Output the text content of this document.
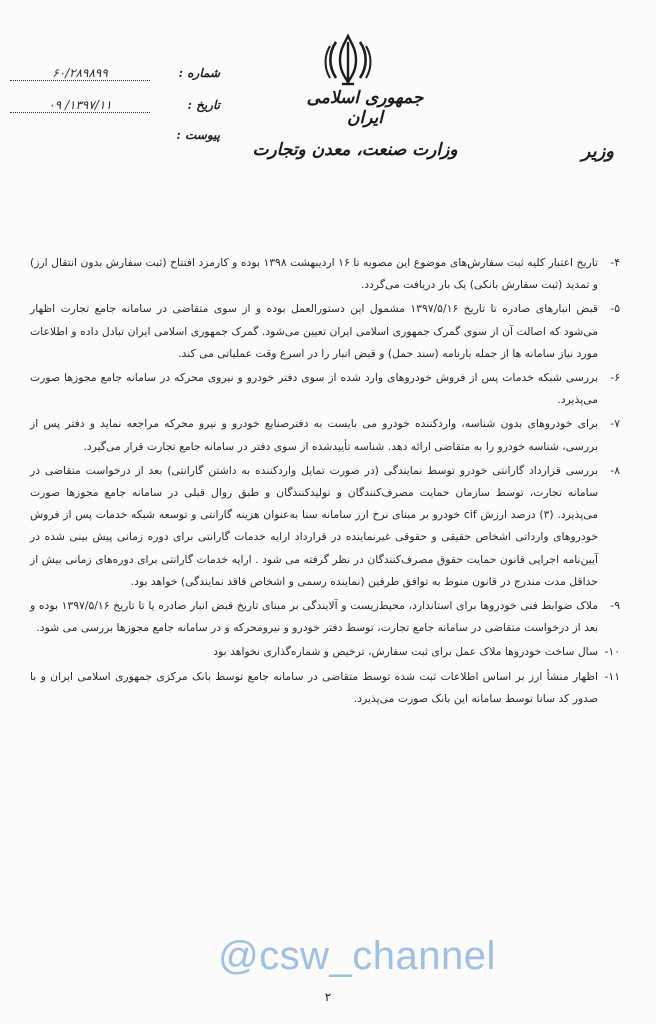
جمهوری اسلامی ایران
وزارت صنعت، معدن وتجارت	وزیر
شماره :
۶۰/۲۸۹۸۹۹
تاریخ :
۱۳۹۷/۱۱/ ۰۹
پیوست :
۴-
تاریخ اعتبار کلیه ثبت سفارش‌های موضوع این مصوبه تا ۱۶ اردیبهشت ۱۳۹۸ بوده و کارمزد افتتاح (ثبت سفارش بدون انتقال ارز) و تمدید (ثبت سفارش بانکی) یک بار دریافت می‌گردد.
۵-
قبض انبارهای صادره تا تاریخ ۱۳۹۷/۵/۱۶ مشمول این دستورالعمل بوده و از سوی متقاضی در سامانه جامع تجارت اظهار می‌شود که اصالت آن از سوی گمرک جمهوری اسلامی ایران تعیین می‌شود. گمرک جمهوری اسلامی ایران تبادل داده و اطلاعات مورد نیاز سامانه ها از جمله بارنامه (سند حمل) و قبض انبار را در اسرع وقت عملیاتی می کند.
۶-
بررسی شبکه خدمات پس از فروش خودروهای وارد شده از سوی دفتر خودرو و نیروی محرکه در سامانه جامع مجوزها صورت می‌پذیرد.
۷-
برای خودروهای بدون شناسه، واردکننده خودرو می بایست به دفترصنایع خودرو و نیرو محرکه مراجعه نماید و دفتر پس از بررسی، شناسه خودرو را به متقاضی ارائه دهد. شناسه تأییدشده از سوی دفتر در سامانه جامع تجارت قرار می‌گیرد.
۸-
بررسی قرارداد گارانتی خودرو توسط نمایندگی (در صورت تمایل واردکننده به داشتن گارانتی) بعد از درخواست متقاضی در سامانه تجارت، توسط سازمان حمایت مصرف‌کنندگان و تولیدکنندگان و طبق روال قبلی در سامانه جامع مجوزها صورت می‌پذیرد. (۳) درصد ارزش cif خودرو بر مبنای نرخ ارز سامانه سنا به‌عنوان هزینه گارانتی و توسعه شبکه خدمات پس از فروش خودروهای وارداتی اشخاص حقیقی و حقوقی غیرنماینده در قرارداد ارایه خدمات گارانتی برای دوره زمانی پیش بینی شده در آیین‌نامه اجرایی قانون حمایت حقوق مصرف‌کنندگان در نظر گرفته می شود . ارایه خدمات گارانتی برای دوره‌های زمانی بیش از حداقل مدت مندرج در قانون منوط به توافق طرفین (نماینده رسمی و اشخاص فاقد نمایندگی) خواهد بود.
۹-
ملاک ضوابط فنی خودروها برای استاندارد، محیط‌زیست و آلایندگی بر مبنای تاریخ قبض انبار صادره یا تا تاریخ ۱۳۹۷/۵/۱۶ بوده و بعد از درخواست متقاضی در سامانه جامع تجارت، توسط دفتر خودرو و نیرومحرکه و در سامانه جامع مجوزها بررسی می شود.
۱۰-
سال ساخت خودروها ملاک عمل برای ثبت سفارش، ترخیص و شماره‌گذاری نخواهد بود
۱۱-
اظهار منشأ ارز بر اساس اطلاعات ثبت شده توسط متقاضی در سامانه جامع توسط بانک مرکزی جمهوری اسلامی ایران و با صدور کد سانا توسط سامانه این بانک صورت می‌پذیرد.
@csw_channel
۲
